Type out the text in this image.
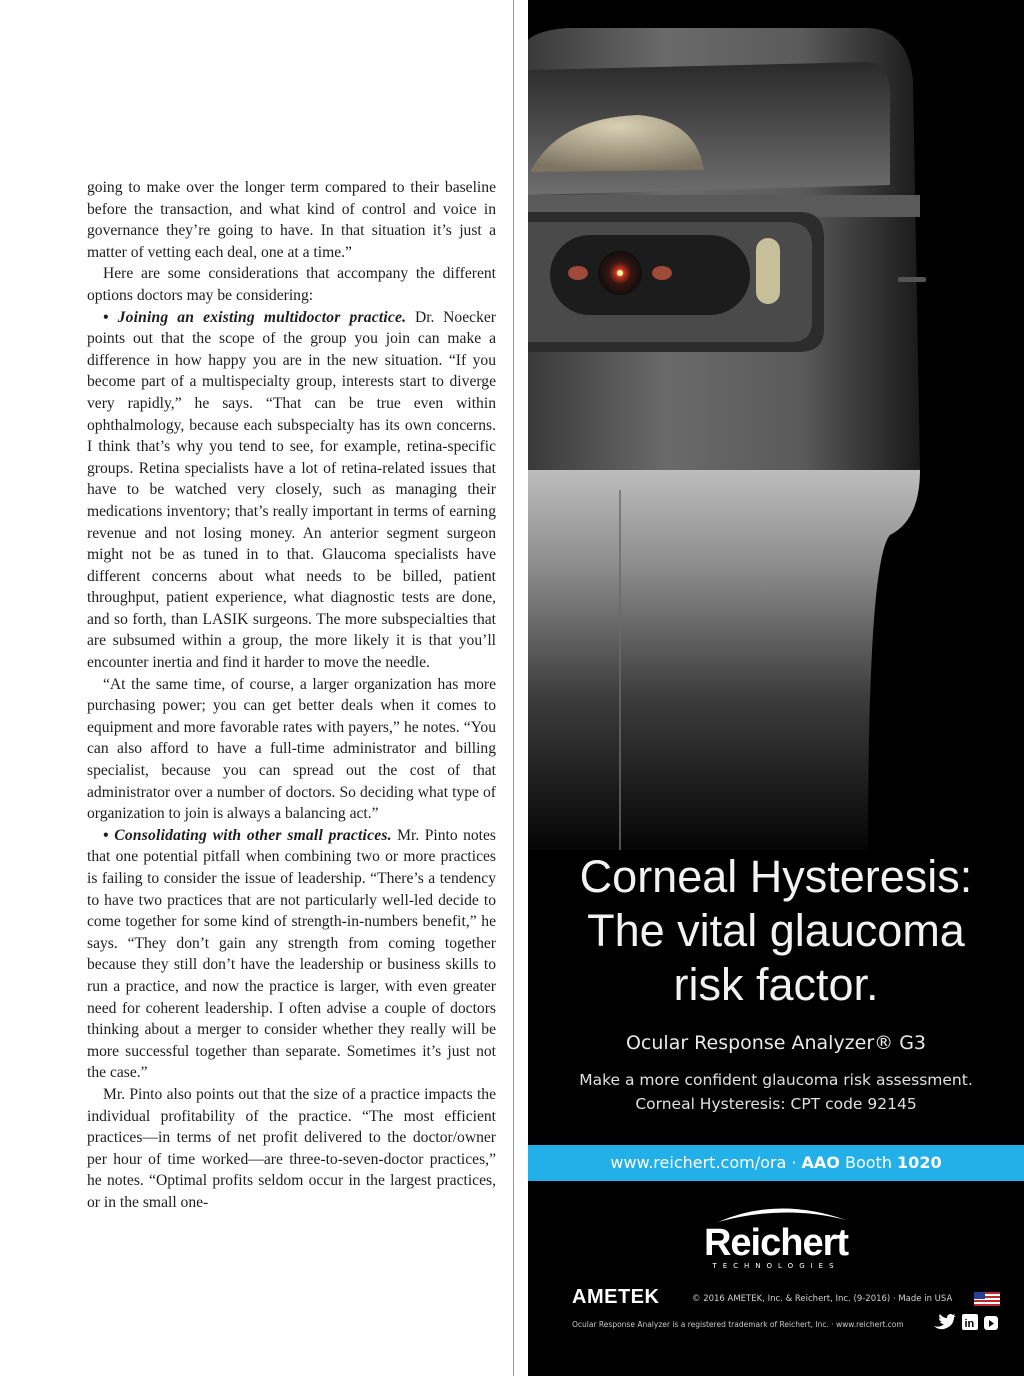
going to make over the longer term compared to their baseline before the transaction, and what kind of control and voice in governance they’re going to have. In that situation it’s just a matter of vetting each deal, one at a time.”

Here are some considerations that accompany the different options doctors may be considering:

• Joining an existing multidoctor practice. Dr. Noecker points out that the scope of the group you join can make a difference in how happy you are in the new situation. “If you become part of a multispecialty group, interests start to diverge very rapidly,” he says. “That can be true even within ophthalmology, because each subspecialty has its own concerns. I think that’s why you tend to see, for example, retina-specific groups. Retina specialists have a lot of retina-related issues that have to be watched very closely, such as managing their medications inventory; that’s really important in terms of earning revenue and not losing money. An anterior segment surgeon might not be as tuned in to that. Glaucoma specialists have different concerns about what needs to be billed, patient throughput, patient experience, what diagnostic tests are done, and so forth, than LASIK surgeons. The more subspecialties that are subsumed within a group, the more likely it is that you’ll encounter inertia and find it harder to move the needle.

“At the same time, of course, a larger organization has more purchasing power; you can get better deals when it comes to equipment and more favorable rates with payers,” he notes. “You can also afford to have a full-time administrator and billing specialist, because you can spread out the cost of that administrator over a number of doctors. So deciding what type of organization to join is always a balancing act.”

• Consolidating with other small practices. Mr. Pinto notes that one potential pitfall when combining two or more practices is failing to consider the issue of leadership. “There’s a tendency to have two practices that are not particularly well-led decide to come together for some kind of strength-in-numbers benefit,” he says. “They don’t gain any strength from coming together because they still don’t have the leadership or business skills to run a practice, and now the practice is larger, with even greater need for coherent leadership. I often advise a couple of doctors thinking about a merger to consider whether they really will be more successful together than separate. Sometimes it’s just not the case.”

Mr. Pinto also points out that the size of a practice impacts the individual profitability of the practice. “The most efficient practices—in terms of net profit delivered to the doctor/owner per hour of time worked—are three-to-seven-doctor practices,” he notes. “Optimal profits seldom occur in the largest practices, or in the small one-

Corneal Hysteresis:
The vital glaucoma
risk factor.
Ocular Response Analyzer® G3
Make a more confident glaucoma risk assessment.
Corneal Hysteresis: CPT code 92145
www.reichert.com/ora · AAO Booth 1020
Reichert
TECHNOLOGIES
AMETEK	© 2016 AMETEK, Inc. & Reichert, Inc. (9-2016) · Made in USA
Ocular Response Analyzer is a registered trademark of Reichert, Inc. · www.reichert.com	in
